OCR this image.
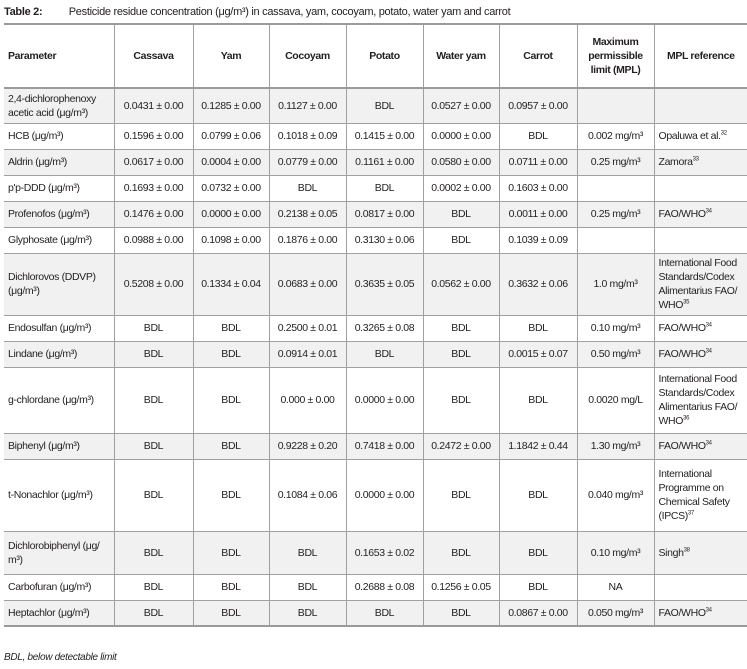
Table 2: Pesticide residue concentration (μg/m³) in cassava, yam, cocoyam, potato, water yam and carrot
Parameter	Cassava	Yam	Cocoyam	Potato	Water yam	Carrot	Maximum permissible limit (MPL)	MPL reference
2,4-dichlorophenoxy acetic acid (μg/m³)	0.0431 ± 0.00	0.1285 ± 0.00	0.1127 ± 0.00	BDL	0.0527 ± 0.00	0.0957 ± 0.00		
HCB (μg/m³)	0.1596 ± 0.00	0.0799 ± 0.06	0.1018 ± 0.09	0.1415 ± 0.00	0.0000 ± 0.00	BDL	0.002 mg/m³	Opaluwa et al.$^{32}$
Aldrin (μg/m³)	0.0617 ± 0.00	0.0004 ± 0.00	0.0779 ± 0.00	0.1161 ± 0.00	0.0580 ± 0.00	0.0711 ± 0.00	0.25 mg/m³	Zamora$^{33}$
p'p-DDD (μg/m³)	0.1693 ± 0.00	0.0732 ± 0.00	BDL	BDL	0.0002 ± 0.00	0.1603 ± 0.00		
Profenofos (μg/m³)	0.1476 ± 0.00	0.0000 ± 0.00	0.2138 ± 0.05	0.0817 ± 0.00	BDL	0.0011 ± 0.00	0.25 mg/m³	FAO/WHO$^{34}$
Glyphosate (μg/m³)	0.0988 ± 0.00	0.1098 ± 0.00	0.1876 ± 0.00	0.3130 ± 0.06	BDL	0.1039 ± 0.09		
Dichlorovos (DDVP) (μg/m³)	0.5208 ± 0.00	0.1334 ± 0.04	0.0683 ± 0.00	0.3635 ± 0.05	0.0562 ± 0.00	0.3632 ± 0.06	1.0 mg/m³	International Food Standards/Codex Alimentarius FAO/ WHO$^{35}$
Endosulfan (μg/m³)	BDL	BDL	0.2500 ± 0.01	0.3265 ± 0.08	BDL	BDL	0.10 mg/m³	FAO/WHO$^{34}$
Lindane (μg/m³)	BDL	BDL	0.0914 ± 0.01	BDL	BDL	0.0015 ± 0.07	0.50 mg/m³	FAO/WHO$^{34}$
g-chlordane (μg/m³)	BDL	BDL	0.000 ± 0.00	0.0000 ± 0.00	BDL	BDL	0.0020 mg/L	International Food Standards/Codex Alimentarius FAO/ WHO$^{36}$
Biphenyl (μg/m³)	BDL	BDL	0.9228 ± 0.20	0.7418 ± 0.00	0.2472 ± 0.00	1.1842 ± 0.44	1.30 mg/m³	FAO/WHO$^{34}$
t-Nonachlor (μg/m³)	BDL	BDL	0.1084 ± 0.06	0.0000 ± 0.00	BDL	BDL	0.040 mg/m³	International Programme on Chemical Safety (IPCS)$^{37}$
Dichlorobiphenyl (μg/ m³)	BDL	BDL	BDL	0.1653 ± 0.02	BDL	BDL	0.10 mg/m³	Singh$^{38}$
Carbofuran (μg/m³)	BDL	BDL	BDL	0.2688 ± 0.08	0.1256 ± 0.05	BDL	NA	
Heptachlor (μg/m³)	BDL	BDL	BDL	BDL	BDL	0.0867 ± 0.00	0.050 mg/m³	FAO/WHO$^{34}$
BDL, below detectable limit
